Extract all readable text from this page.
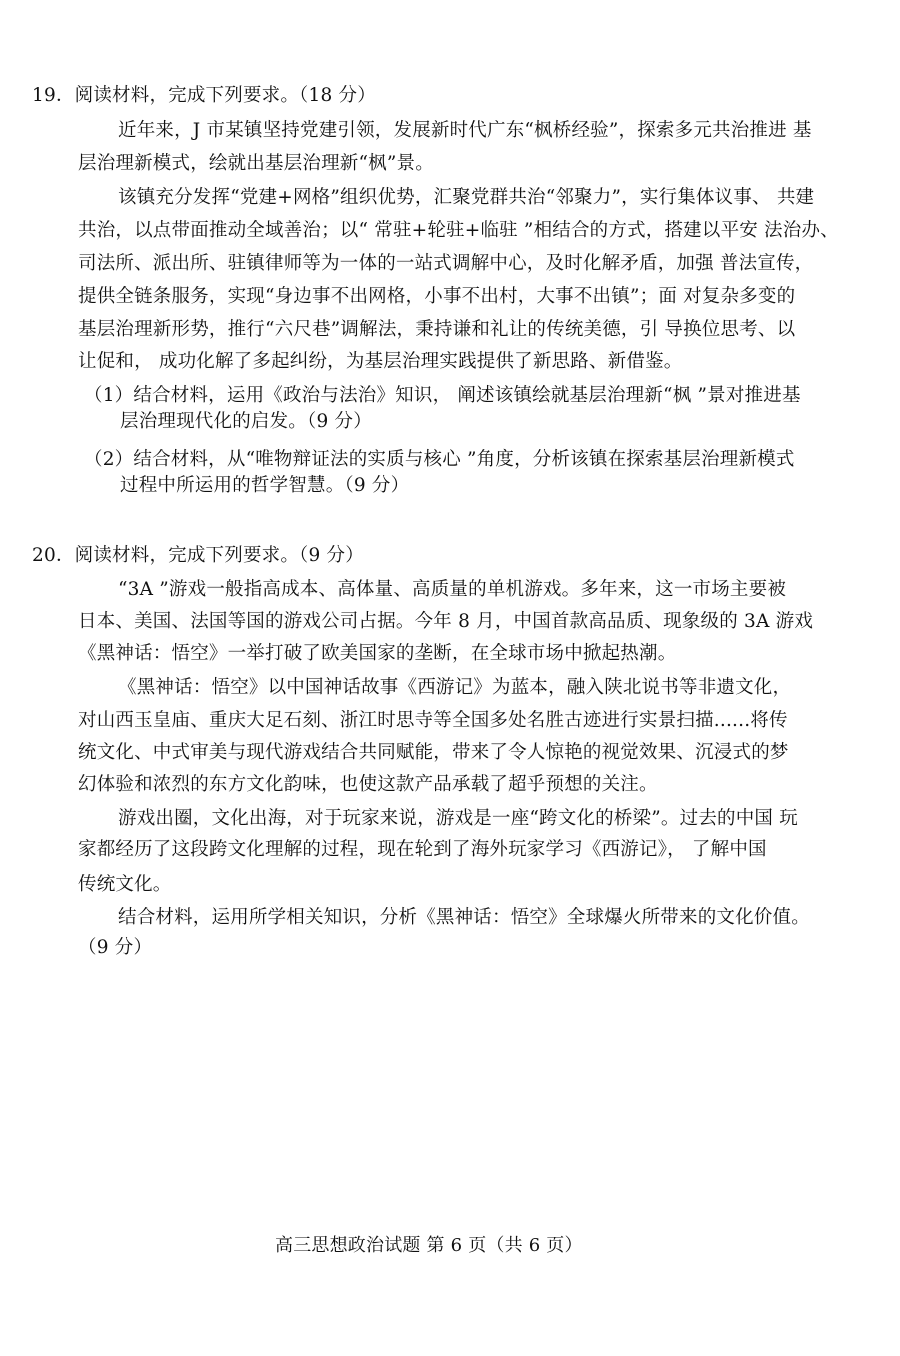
19．阅读材料，完成下列要求。（18 分）
近年来，J 市某镇坚持党建引领，发展新时代广东“枫桥经验”，探索多元共治推进 基
层治理新模式，绘就出基层治理新“枫”景。
该镇充分发挥“党建+网格”组织优势，汇聚党群共治“邻聚力”，实行集体议事、 共建
共治，以点带面推动全域善治；以“ 常驻+轮驻+临驻 ”相结合的方式，搭建以平安 法治办、
司法所、派出所、驻镇律师等为一体的一站式调解中心，及时化解矛盾，加强 普法宣传，
提供全链条服务，实现“身边事不出网格，小事不出村，大事不出镇”；面 对复杂多变的
基层治理新形势，推行“六尺巷”调解法，秉持谦和礼让的传统美德，引 导换位思考、以
让促和， 成功化解了多起纠纷，为基层治理实践提供了新思路、新借鉴。
（1）结合材料，运用《政治与法治》知识， 阐述该镇绘就基层治理新“枫 ”景对推进基
层治理现代化的启发。（9 分）
（2）结合材料，从“唯物辩证法的实质与核心 ”角度，分析该镇在探索基层治理新模式
过程中所运用的哲学智慧。（9 分）
20．阅读材料，完成下列要求。（9 分）
“3A ”游戏一般指高成本、高体量、高质量的单机游戏。多年来，这一市场主要被
日本、美国、法国等国的游戏公司占据。今年 8 月，中国首款高品质、现象级的 3A 游戏
《黑神话：悟空》一举打破了欧美国家的垄断，在全球市场中掀起热潮。
《黑神话：悟空》以中国神话故事《西游记》为蓝本，融入陕北说书等非遗文化，
对山西玉皇庙、重庆大足石刻、浙江时思寺等全国多处名胜古迹进行实景扫描......将传
统文化、中式审美与现代游戏结合共同赋能，带来了令人惊艳的视觉效果、沉浸式的梦
幻体验和浓烈的东方文化韵味，也使这款产品承载了超乎预想的关注。
游戏出圈，文化出海，对于玩家来说，游戏是一座“跨文化的桥梁”。过去的中国 玩
家都经历了这段跨文化理解的过程，现在轮到了海外玩家学习《西游记》， 了解中国
传统文化。
结合材料，运用所学相关知识，分析《黑神话：悟空》全球爆火所带来的文化价值。
（9 分）
高三思想政治试题 第 6 页（共 6 页）
